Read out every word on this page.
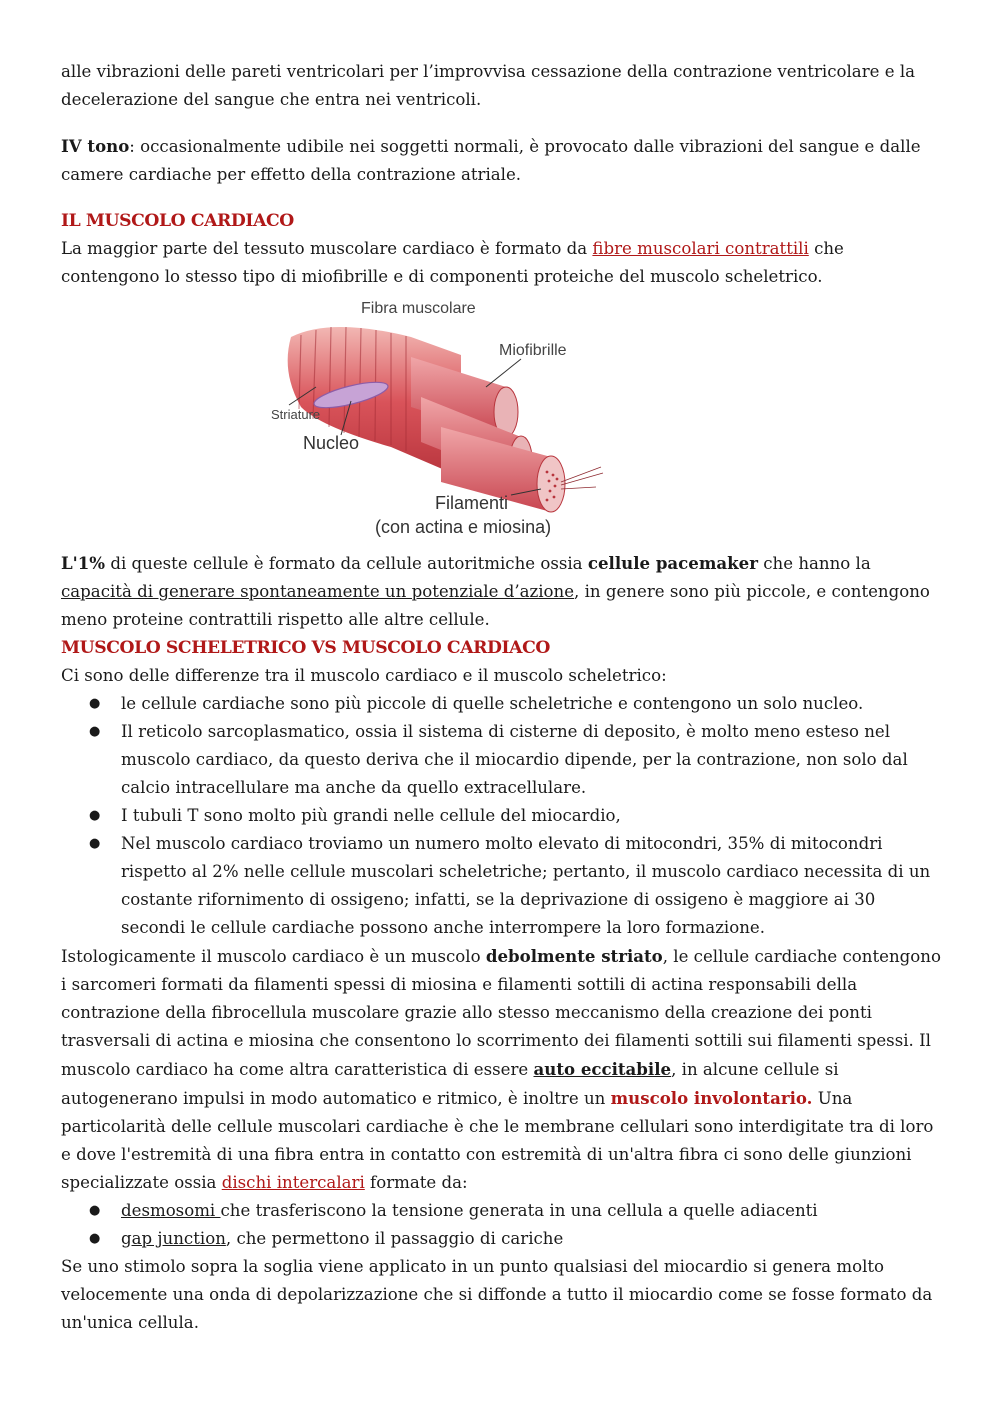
alle vibrazioni delle pareti ventricolari per l’improvvisa cessazione della contrazione ventricolare e la decelerazione del sangue che entra nei ventricoli.

IV tono: occasionalmente udibile nei soggetti normali, è provocato dalle vibrazioni del sangue e dalle camere cardiache per effetto della contrazione atriale.

IL MUSCOLO CARDIACO

La maggior parte del tessuto muscolare cardiaco è formato da fibre muscolari contrattili che contengono lo stesso tipo di miofibrille e di componenti proteiche del muscolo scheletrico.

Fibra muscolare
Miofibrille
Striature
Nucleo
Filamenti
(con actina e miosina)

L'1% di queste cellule è formato da cellule autoritmiche ossia cellule pacemaker che hanno la capacità di generare spontaneamente un potenziale d’azione, in genere sono più piccole, e contengono meno proteine contrattili rispetto alle altre cellule.

MUSCOLO SCHELETRICO VS MUSCOLO CARDIACO

Ci sono delle differenze tra il muscolo cardiaco e il muscolo scheletrico:

● le cellule cardiache sono più piccole di quelle scheletriche e contengono un solo nucleo.
● Il reticolo sarcoplasmatico, ossia il sistema di cisterne di deposito, è molto meno esteso nel muscolo cardiaco, da questo deriva che il miocardio dipende, per la contrazione, non solo dal calcio intracellulare ma anche da quello extracellulare.
● I tubuli T sono molto più grandi nelle cellule del miocardio,
● Nel muscolo cardiaco troviamo un numero molto elevato di mitocondri, 35% di mitocondri rispetto al 2% nelle cellule muscolari scheletriche; pertanto, il muscolo cardiaco necessita di un costante rifornimento di ossigeno; infatti, se la deprivazione di ossigeno è maggiore ai 30 secondi le cellule cardiache possono anche interrompere la loro formazione.

Istologicamente il muscolo cardiaco è un muscolo debolmente striato, le cellule cardiache contengono i sarcomeri formati da filamenti spessi di miosina e filamenti sottili di actina responsabili della contrazione della fibrocellula muscolare grazie allo stesso meccanismo della creazione dei ponti trasversali di actina e miosina che consentono lo scorrimento dei filamenti sottili sui filamenti spessi. Il muscolo cardiaco ha come altra caratteristica di essere auto eccitabile, in alcune cellule si autogenerano impulsi in modo automatico e ritmico, è inoltre un muscolo involontario. Una particolarità delle cellule muscolari cardiache è che le membrane cellulari sono interdigitate tra di loro e dove l'estremità di una fibra entra in contatto con estremità di un'altra fibra ci sono delle giunzioni specializzate ossia dischi intercalari formate da:

● desmosomi che trasferiscono la tensione generata in una cellula a quelle adiacenti
● gap junction, che permettono il passaggio di cariche

Se uno stimolo sopra la soglia viene applicato in un punto qualsiasi del miocardio si genera molto velocemente una onda di depolarizzazione che si diffonde a tutto il miocardio come se fosse formato da un'unica cellula.
